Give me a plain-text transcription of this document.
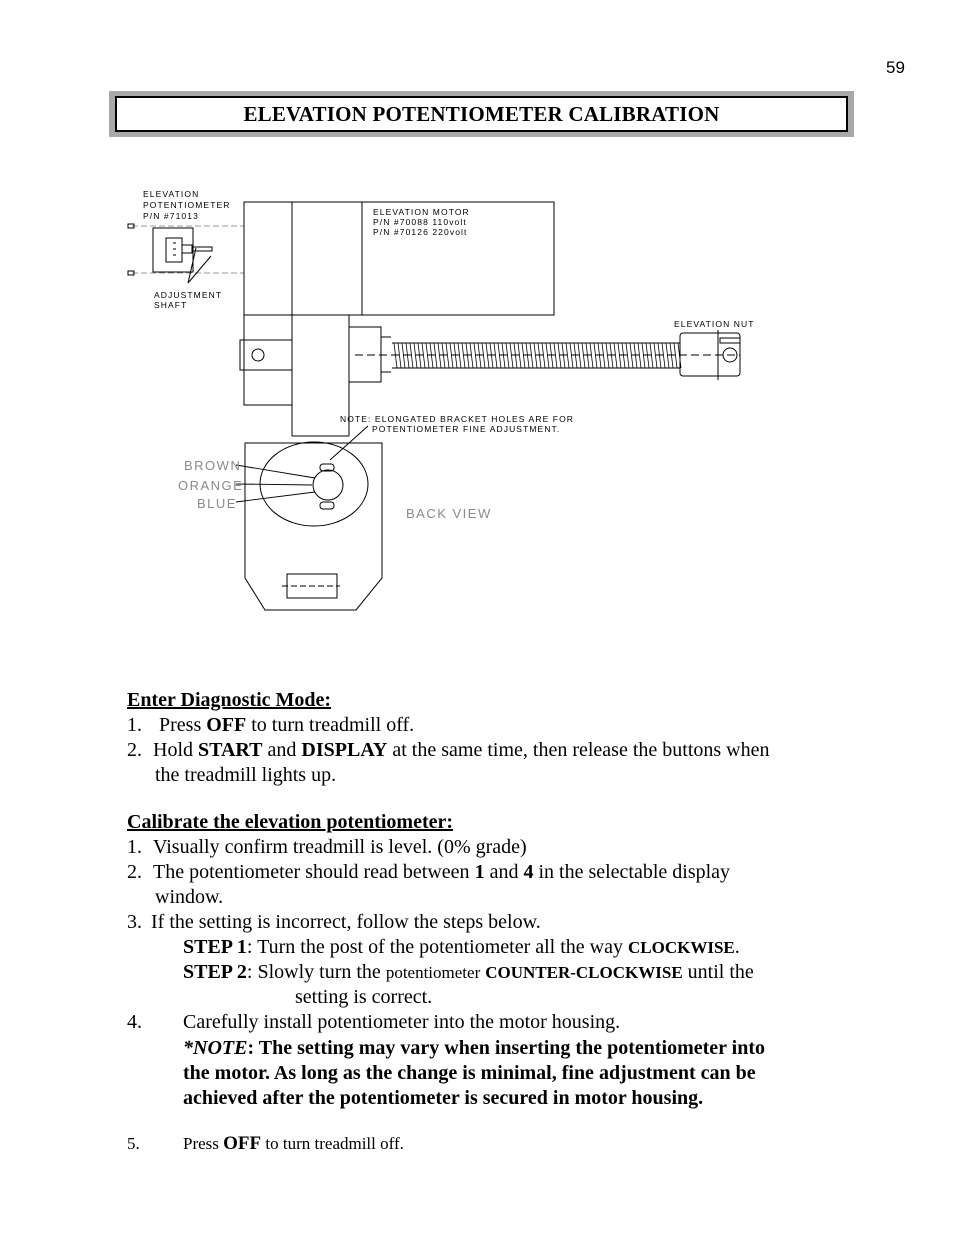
59
ELEVATION POTENTIOMETER CALIBRATION
ELEVATION
POTENTIOMETER
P/N #71013	ELEVATION MOTOR
P/N #70088 110volt
P/N #70126 220volt
ADJUSTMENT
SHAFT
ELEVATION NUT
NOTE: ELONGATED BRACKET HOLES ARE FOR
POTENTIOMETER FINE ADJUSTMENT.
BROWN
ORANGE
BLUE
BACK VIEW
Enter Diagnostic Mode:
1. Press OFF to turn treadmill off.
2. Hold START and DISPLAY at the same time, then release the buttons when
the treadmill lights up.
Calibrate the elevation potentiometer:
1. Visually confirm treadmill is level. (0% grade)
2. The potentiometer should read between 1 and 4 in the selectable display
window.
3. If the setting is incorrect, follow the steps below.
STEP 1: Turn the post of the potentiometer all the way CLOCKWISE.
STEP 2: Slowly turn the potentiometer COUNTER-CLOCKWISE until the
setting is correct.
4. Carefully install potentiometer into the motor housing.
*NOTE: The setting may vary when inserting the potentiometer into
the motor. As long as the change is minimal, fine adjustment can be
achieved after the potentiometer is secured in motor housing.
5.	Press OFF to turn treadmill off.
